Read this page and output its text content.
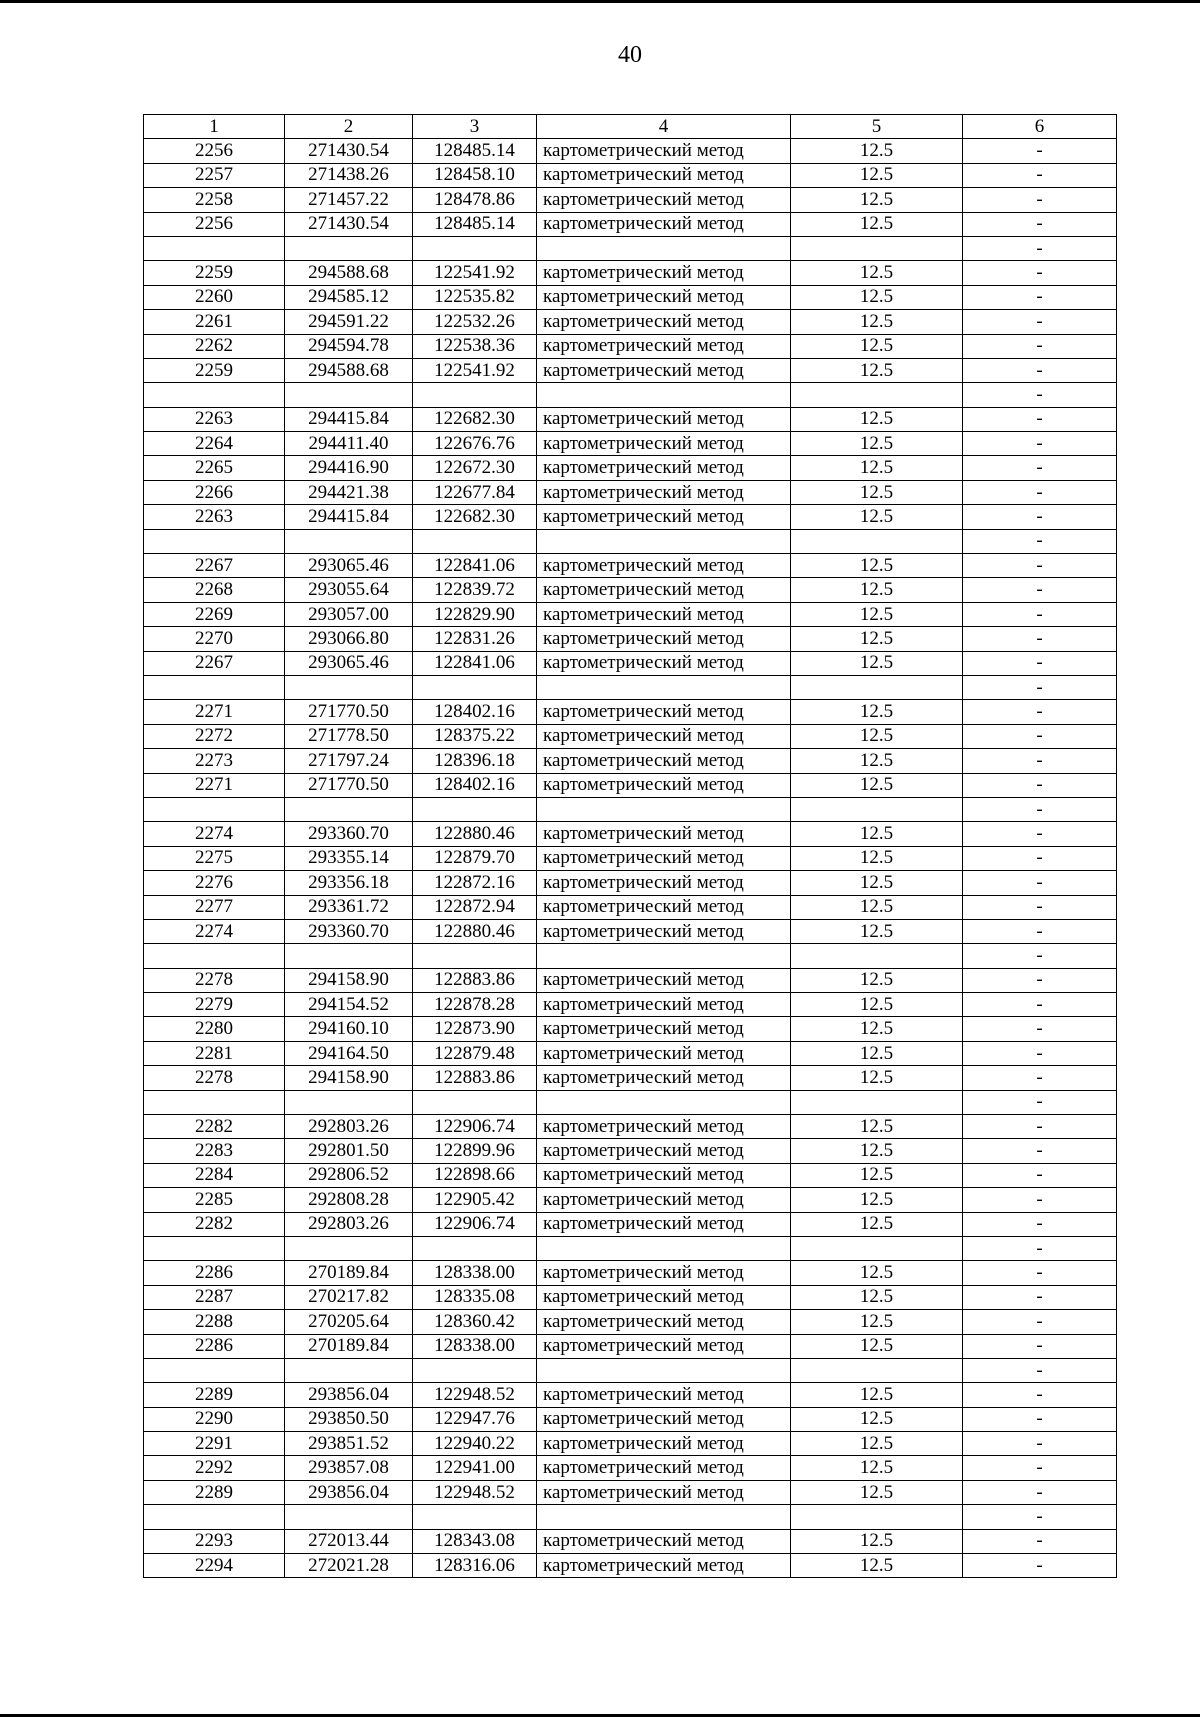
40
1	2	3	4	5	6
2256	271430.54	128485.14	картометрический метод	12.5	-
2257	271438.26	128458.10	картометрический метод	12.5	-
2258	271457.22	128478.86	картометрический метод	12.5	-
2256	271430.54	128485.14	картометрический метод	12.5	-
					-
2259	294588.68	122541.92	картометрический метод	12.5	-
2260	294585.12	122535.82	картометрический метод	12.5	-
2261	294591.22	122532.26	картометрический метод	12.5	-
2262	294594.78	122538.36	картометрический метод	12.5	-
2259	294588.68	122541.92	картометрический метод	12.5	-
					-
2263	294415.84	122682.30	картометрический метод	12.5	-
2264	294411.40	122676.76	картометрический метод	12.5	-
2265	294416.90	122672.30	картометрический метод	12.5	-
2266	294421.38	122677.84	картометрический метод	12.5	-
2263	294415.84	122682.30	картометрический метод	12.5	-
					-
2267	293065.46	122841.06	картометрический метод	12.5	-
2268	293055.64	122839.72	картометрический метод	12.5	-
2269	293057.00	122829.90	картометрический метод	12.5	-
2270	293066.80	122831.26	картометрический метод	12.5	-
2267	293065.46	122841.06	картометрический метод	12.5	-
					-
2271	271770.50	128402.16	картометрический метод	12.5	-
2272	271778.50	128375.22	картометрический метод	12.5	-
2273	271797.24	128396.18	картометрический метод	12.5	-
2271	271770.50	128402.16	картометрический метод	12.5	-
					-
2274	293360.70	122880.46	картометрический метод	12.5	-
2275	293355.14	122879.70	картометрический метод	12.5	-
2276	293356.18	122872.16	картометрический метод	12.5	-
2277	293361.72	122872.94	картометрический метод	12.5	-
2274	293360.70	122880.46	картометрический метод	12.5	-
					-
2278	294158.90	122883.86	картометрический метод	12.5	-
2279	294154.52	122878.28	картометрический метод	12.5	-
2280	294160.10	122873.90	картометрический метод	12.5	-
2281	294164.50	122879.48	картометрический метод	12.5	-
2278	294158.90	122883.86	картометрический метод	12.5	-
					-
2282	292803.26	122906.74	картометрический метод	12.5	-
2283	292801.50	122899.96	картометрический метод	12.5	-
2284	292806.52	122898.66	картометрический метод	12.5	-
2285	292808.28	122905.42	картометрический метод	12.5	-
2282	292803.26	122906.74	картометрический метод	12.5	-
					-
2286	270189.84	128338.00	картометрический метод	12.5	-
2287	270217.82	128335.08	картометрический метод	12.5	-
2288	270205.64	128360.42	картометрический метод	12.5	-
2286	270189.84	128338.00	картометрический метод	12.5	-
					-
2289	293856.04	122948.52	картометрический метод	12.5	-
2290	293850.50	122947.76	картометрический метод	12.5	-
2291	293851.52	122940.22	картометрический метод	12.5	-
2292	293857.08	122941.00	картометрический метод	12.5	-
2289	293856.04	122948.52	картометрический метод	12.5	-
					-
2293	272013.44	128343.08	картометрический метод	12.5	-
2294	272021.28	128316.06	картометрический метод	12.5	-
